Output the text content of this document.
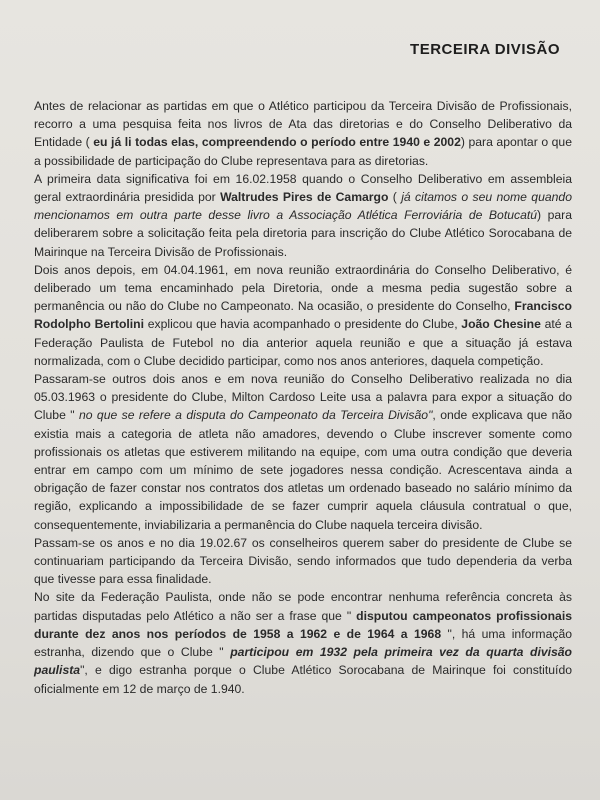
TERCEIRA DIVISÃO

Antes de relacionar as partidas em que o Atlético participou da Terceira Divisão de Profissionais, recorro a uma pesquisa feita nos livros de Ata das diretorias e do Conselho Deliberativo da Entidade ( eu já li todas elas, compreendendo o período entre 1940 e 2002) para apontar o que a possibilidade de participação do Clube representava para as diretorias.

A primeira data significativa foi em 16.02.1958 quando o Conselho Deliberativo em assembleia geral extraordinária presidida por Waltrudes Pires de Camargo ( já citamos o seu nome quando mencionamos em outra parte desse livro a Associação Atlética Ferroviária de Botucatú) para deliberarem sobre a solicitação feita pela diretoria para inscrição do Clube Atlético Sorocabana de Mairinque na Terceira Divisão de Profissionais.

Dois anos depois, em 04.04.1961, em nova reunião extraordinária do Conselho Deliberativo, é deliberado um tema encaminhado pela Diretoria, onde a mesma pedia sugestão sobre a permanência ou não do Clube no Campeonato. Na ocasião, o presidente do Conselho, Francisco Rodolpho Bertolini explicou que havia acompanhado o presidente do Clube, João Chesine até a Federação Paulista de Futebol no dia anterior aquela reunião e que a situação já estava normalizada, com o Clube decidido participar, como nos anos anteriores, daquela competição.

Passaram-se outros dois anos e em nova reunião do Conselho Deliberativo realizada no dia 05.03.1963 o presidente do Clube, Milton Cardoso Leite usa a palavra para expor a situação do Clube " no que se refere a disputa do Campeonato da Terceira Divisão", onde explicava que não existia mais a categoria de atleta não amadores, devendo o Clube inscrever somente como profissionais os atletas que estiverem militando na equipe, com uma outra condição que deveria entrar em campo com um mínimo de sete jogadores nessa condição. Acrescentava ainda a obrigação de fazer constar nos contratos dos atletas um ordenado baseado no salário mínimo da região, explicando a impossibilidade de se fazer cumprir aquela cláusula contratual o que, consequentemente, inviabilizaria a permanência do Clube naquela terceira divisão.

Passam-se os anos e no dia 19.02.67 os conselheiros querem saber do presidente de Clube se continuariam participando da Terceira Divisão, sendo informados que tudo dependeria da verba que tivesse para essa finalidade.

No site da Federação Paulista, onde não se pode encontrar nenhuma referência concreta às partidas disputadas pelo Atlético a não ser a frase que " disputou campeonatos profissionais durante dez anos nos períodos de 1958 a 1962 e de 1964 a 1968 ", há uma informação estranha, dizendo que o Clube " participou em 1932 pela primeira vez da quarta divisão paulista", e digo estranha porque o Clube Atlético Sorocabana de Mairinque foi constituído oficialmente em 12 de março de 1.940.
